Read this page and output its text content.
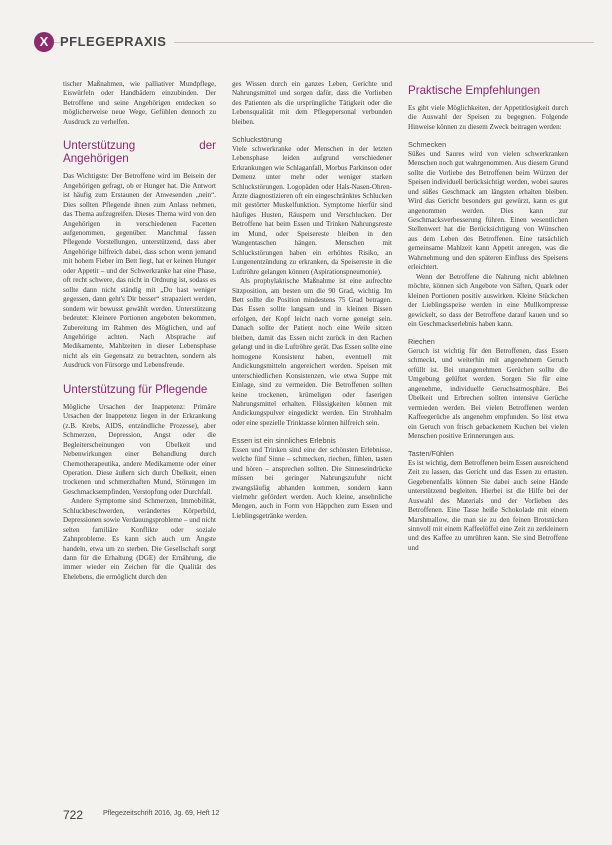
X PFLEGEPRAXIS

tischer Maßnahmen, wie palliativer Mundpflege, Eiswürfeln oder Handbädern einzubinden. Der Betroffene und seine Angehörigen entdecken so möglicherweise neue Wege, Gefühlen dennoch zu Ausdruck zu verhelfen.

Unterstützung der Angehörigen

Das Wichtigste: Der Betroffene wird im Beisein der Angehörigen gefragt, ob er Hunger hat. Die Antwort ist häufig zum Erstaunen der Anwesenden „nein“. Dies sollten Pflegende ihnen zum Anlass nehmen, das Thema aufzugreifen. Dieses Thema wird von den Angehörigen in verschiedenen Facetten aufgenommen, gegenüber. Manchmal fassen Pflegende Vorstellungen, unterstützend, dass aber Angehörige hilfreich dabei, dass schon wenn jemand mit hohem Fieber im Bett liegt, hat er keinen Hunger oder Appetit – und der Schwerkranke hat eine Phase, oft recht schwere, das nicht in Ordnung ist, sodass es sollte dann nicht ständig mit „Du hast weniger gegessen, dann geht's Dir besser“ strapaziert werden, sondern wir bewusst gewählt werden. Unterstützung bedeutet: Kleinere Portionen angeboten bekommen, Zubereitung im Rahmen des Möglichen, und auf Angehörige achten. Nach Absprache auf Medikamente, Mahlzeiten in dieser Lebensphase nicht als ein Gegensatz zu betrachten, sondern als Ausdruck von Fürsorge und Lebensfreude.

Unterstützung für Pflegende

Mögliche Ursachen der Inappetenz: Primäre Ursachen der Inappetenz liegen in der Erkrankung (z.B. Krebs, AIDS, entzündliche Prozesse), aber Schmerzen, Depression, Angst oder die Begleiterscheinungen von Übelkeit und Nebenwirkungen einer Behandlung durch Chemotherapeutika, andere Medikamente oder einer Operation. Diese äußern sich durch Übelkeit, einen trockenen und schmerzhaften Mund, Störungen im Geschmacksempfinden, Verstopfung oder Durchfall.

Andere Symptome sind Schmerzen, Immobilität, Schluckbeschwerden, verändertes Körperbild, Depressionen sowie Verdauungsprobleme – und nicht selten familiäre Konflikte oder soziale Zahnprobleme. Es kann sich auch um Ängste handeln, etwa um zu sterben. Die Gesellschaft sorgt dann für die Erhaltung (DGE) der Ernährung, die immer wieder ein Zeichen für die Qualität des Ehelebens, die ermöglicht durch den

ges Wissen durch ein ganzes Leben, Gerichte und Nahrungsmittel und sorgen dafür, dass die Vorlieben des Patienten als die ursprüngliche Tätigkeit oder die Lebensqualität mit dem Pflegepersonal verbunden bleiben.

Schluckstörung

Viele schwerkranke oder Menschen in der letzten Lebensphase leiden aufgrund verschiedener Erkrankungen wie Schlaganfall, Morbus Parkinson oder Demenz unter mehr oder weniger starken Schluckstörungen. Logopäden oder Hals-Nasen-Ohren-Ärzte diagnostizieren oft ein eingeschränktes Schlucken mit gestörter Muskelfunktion. Symptome hierfür sind häufiges Husten, Räuspern und Verschlucken. Der Betroffene hat beim Essen und Trinken Nahrungsreste im Mund, oder Speisereste bleiben in den Wangentaschen hängen. Menschen mit Schluckstörungen haben ein erhöhtes Risiko, an Lungenentzündung zu erkranken, da Speisereste in die Luftröhre gelangen können (Aspirationspneumonie).

Als prophylaktische Maßnahme ist eine aufrechte Sitzposition, am besten um die 90 Grad, wichtig. Im Bett sollte die Position mindestens 75 Grad betragen. Das Essen sollte langsam und in kleinen Bissen erfolgen, der Kopf leicht nach vorne geneigt sein. Danach sollte der Patient noch eine Weile sitzen bleiben, damit das Essen nicht zurück in den Rachen gelangt und in die Luftröhre gerät. Das Essen sollte eine homogene Konsistenz haben, eventuell mit Andickungsmitteln angereichert werden. Speisen mit unterschiedlichen Konsistenzen, wie etwa Suppe mit Einlage, sind zu vermeiden. Die Betroffenen sollten keine trockenen, krümeligen oder faserigen Nahrungsmittel erhalten. Flüssigkeiten können mit Andickungspulver eingedickt werden. Ein Strohhalm oder eine spezielle Trinktasse können hilfreich sein.

Essen ist ein sinnliches Erlebnis

Essen und Trinken sind eine der schönsten Erlebnisse, welche fünf Sinne – schmecken, riechen, fühlen, tasten und hören – ansprechen sollten. Die Sinneseindrücke müssen bei geringer Nahrungszufuhr nicht zwangsläufig abhanden kommen, sondern kann vielmehr gefördert werden. Auch kleine, ansehnliche Mengen, auch in Form von Häppchen zum Essen und Lieblingsgetränke werden.

Praktische Empfehlungen

Es gibt viele Möglichkeiten, der Appetitlosigkeit durch die Auswahl der Speisen zu begegnen. Folgende Hinweise können zu diesem Zweck beitragen werden:

Schmecken

Süßes und Saures wird von vielen schwerkranken Menschen noch gut wahrgenommen. Aus diesem Grund sollte die Vorliebe des Betroffenen beim Würzen der Speisen individuell berücksichtigt werden, wobei saures und süßes Geschmack am längsten erhalten bleiben. Wird das Gericht besonders gut gewürzt, kann es gut angenommen werden. Dies kann zur Geschmacksverbesserung führen. Einen wesentlichen Stellenwert hat die Berücksichtigung von Wünschen aus dem Leben des Betroffenen. Eine tatsächlich gemeinsame Mahlzeit kann Appetit anregen, was die Wahrnehmung und den späteren Einfluss des Speisens erleichtert.

Wenn der Betroffene die Nahrung nicht ablehnen möchte, können sich Angebote von Säften, Quark oder kleinen Portionen positiv auswirken. Kleine Stückchen der Lieblingsspeise werden in eine Mullkompresse gewickelt, so dass der Betroffene darauf kauen und so ein Geschmackserlebnis haben kann.

Riechen

Geruch ist wichtig für den Betroffenen, dass Essen schmeckt, und weiterhin mit angenehmem Geruch erfüllt ist. Bei unangenehmen Gerüchen sollte die Umgebung gelüftet werden. Sorgen Sie für eine angenehme, individuelle Geruchsatmosphäre. Bei Übelkeit und Erbrechen sollten intensive Gerüche vermieden werden. Bei vielen Betroffenen werden Kaffeegerüche als angenehm empfunden. So löst etwa ein Geruch von frisch gebackenem Kuchen bei vielen Menschen positive Erinnerungen aus.

Tasten/Fühlen

Es ist wichtig, dem Betroffenen beim Essen ausreichend Zeit zu lassen, das Gericht und das Essen zu ertasten. Gegebenenfalls können Sie dabei auch seine Hände unterstützend begleiten. Hierbei ist die Hilfe bei der Auswahl des Materials und der Vorlieben des Betroffenen. Eine Tasse heiße Schokolade mit einem Marshmallow, die man sie zu den feinen Brotstücken sinnvoll mit einem Kaffeelöffel eine Zeit zu zerkleinern und des Kaffee zu umrühren kann. Sie sind Betroffene und

722	Pflegezeitschrift 2016, Jg. 69, Heft 12
